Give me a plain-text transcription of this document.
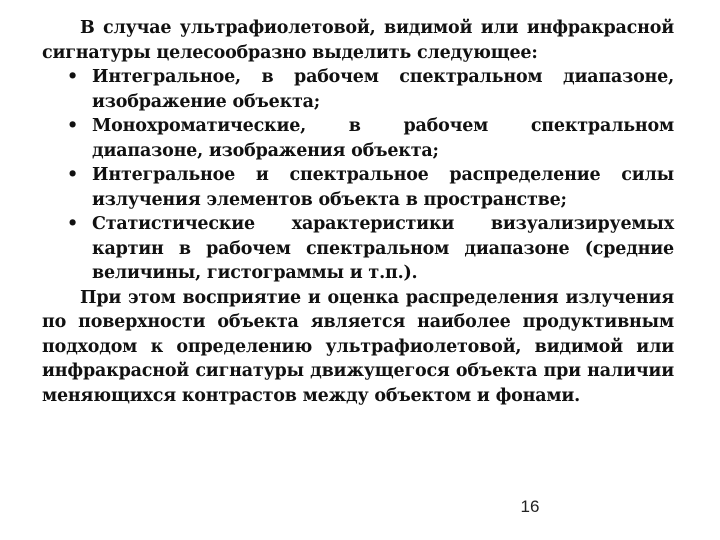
В случае ультрафиолетовой, видимой или инфракрасной сигнатуры целесообразно выделить следующее:

• Интегральное, в рабочем спектральном диапазоне, изображение объекта;
• Монохроматические, в рабочем спектральном диапазоне, изображения объекта;
• Интегральное и спектральное распределение силы излучения элементов объекта в пространстве;
• Статистические характеристики визуализируемых картин в рабочем спектральном диапазоне (средние величины, гистограммы и т.п.).

При этом восприятие и оценка распределения излучения по поверхности объекта является наиболее продуктивным подходом к определению ультрафиолетовой, видимой или инфракрасной сигнатуры движущегося объекта при наличии меняющихся контрастов между объектом и фонами.

16
